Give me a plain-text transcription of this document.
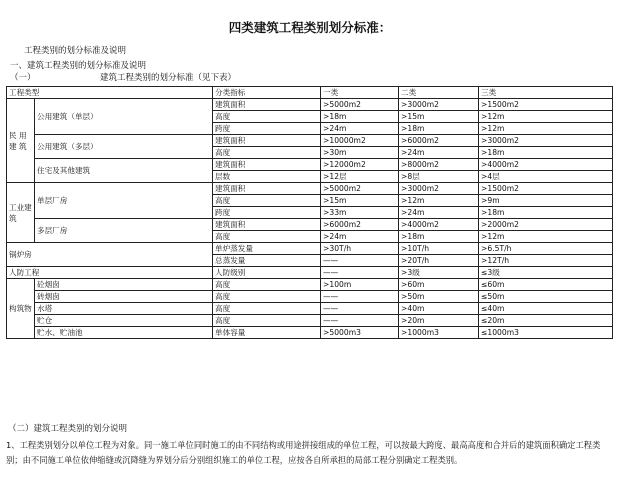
四类建筑工程类别划分标准：
工程类别的划分标准及说明
一、建筑工程类别的划分标准及说明
（一）	建筑工程类别的划分标准（见下表）
工程类型		分类指标	一类	二类	三类	

民 用 建 筑	公用建筑（单层）	建筑面积	>5000m2	>3000m2	>1500m2	
		高度	>18m	>15m	>12m	
		跨度	>24m	>18m	>12m	
	公用建筑（多层）	建筑面积	>10000m2	>6000m2	>3000m2	
		高度	>30m	>24m	>18m	
	住宅及其他建筑	建筑面积	>12000m2	>8000m2	>4000m2	
		层数	>12层	>8层	>4层	

工业建筑	单层厂房	建筑面积	>5000m2	>3000m2	>1500m2	
		高度	>15m	>12m	>9m	
		跨度	>33m	>24m	>18m	
	多层厂房	建筑面积	>6000m2	>4000m2	>2000m2	
		高度	>24m	>18m	>12m	
锅炉房		单炉蒸发量	>30T/h	>10T/h	>6.5T/h	
		总蒸发量	——	>20T/h	>12T/h	
人防工程		人防级别	——	>3级	≤3级	

构筑物	砼烟囱	高度	>100m	>60m	≤60m	
	砖烟囱	高度	——	>50m	≤50m	
	水塔	高度	——	>40m	≤40m	
	贮仓	高度	——	>20m	≤20m	
	贮水、贮油池	单体容量	>5000m3	>1000m3	≤1000m3	
（二）建筑工程类别的划分说明
1、工程类别划分以单位工程为对象。同一施工单位同时施工的由不同结构或用途拼接组成的单位工程，可以按最大跨度、最高高度和合并后的建筑面积确定工程类别；由不同施工单位依伸缩缝或沉降缝为界划分后分别组织施工的单位工程，应按各自所承担的局部工程分别确定工程类别。
